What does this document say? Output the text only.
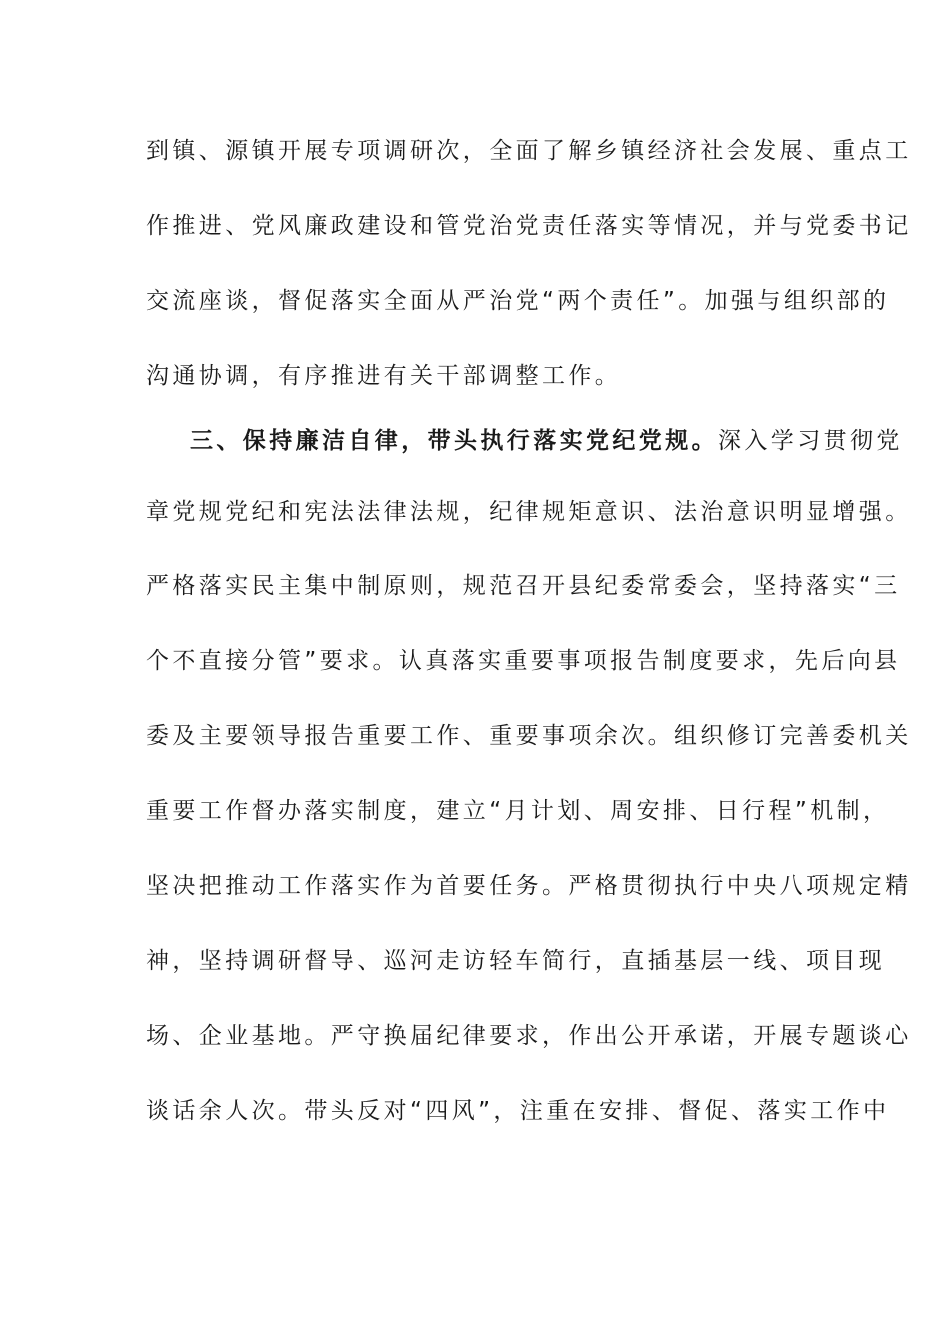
到镇、源镇开展专项调研次，全面了解乡镇经济社会发展、重点工
作推进、党风廉政建设和管党治党责任落实等情况，并与党委书记
交流座谈，督促落实全面从严治党“两个责任”。加强与组织部的
沟通协调，有序推进有关干部调整工作。
三、保持廉洁自律，带头执行落实党纪党规。深入学习贯彻党
章党规党纪和宪法法律法规，纪律规矩意识、法治意识明显增强。
严格落实民主集中制原则，规范召开县纪委常委会，坚持落实“三
个不直接分管”要求。认真落实重要事项报告制度要求，先后向县
委及主要领导报告重要工作、重要事项余次。组织修订完善委机关
重要工作督办落实制度，建立“月计划、周安排、日行程”机制，
坚决把推动工作落实作为首要任务。严格贯彻执行中央八项规定精
神，坚持调研督导、巡河走访轻车简行，直插基层一线、项目现
场、企业基地。严守换届纪律要求，作出公开承诺，开展专题谈心
谈话余人次。带头反对“四风”，注重在安排、督促、落实工作中
